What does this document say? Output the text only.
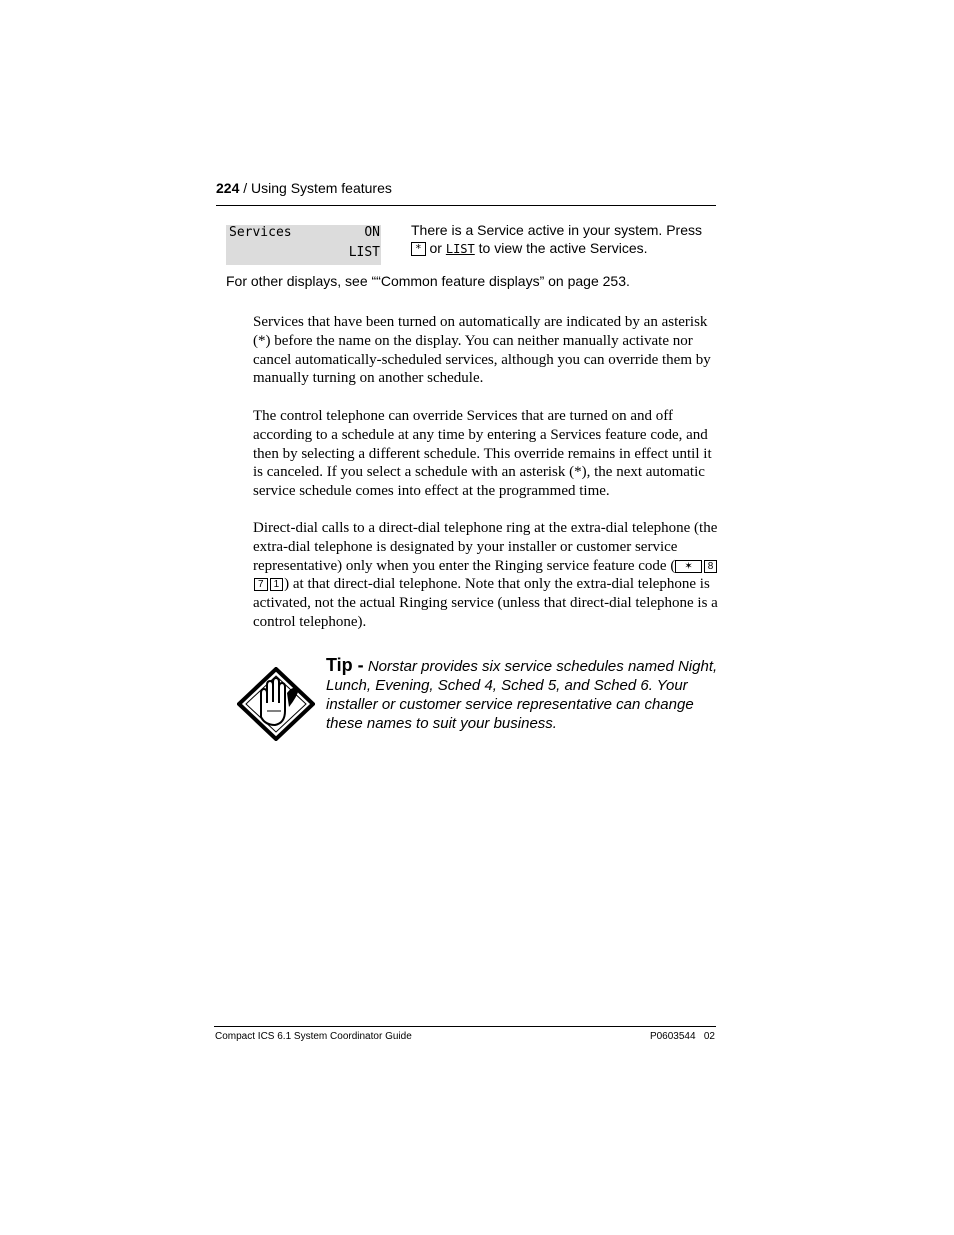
224 / Using System features
Services	ON
LIST
There is a Service active in your system. Press * or LIST to view the active Services.
For other displays, see ““Common feature displays” on page 253.
Services that have been turned on automatically are indicated by an asterisk (*) before the name on the display. You can neither manually activate nor cancel automatically-scheduled services, although you can override them by manually turning on another schedule.
The control telephone can override Services that are turned on and off according to a schedule at any time by entering a Services feature code, and then by selecting a different schedule. This override remains in effect until it is canceled. If you select a schedule with an asterisk (*), the next automatic service schedule comes into effect at the programmed time.
Direct-dial calls to a direct-dial telephone ring at the extra-dial telephone (the extra-dial telephone is designated by your installer or customer service representative) only when you enter the Ringing service feature code ( ✶ 87 1 ) at that direct-dial telephone. Note that only the extra-dial telephone is activated, not the actual Ringing service (unless that direct-dial telephone is a control telephone).
Tip - Norstar provides six service schedules named Night, Lunch, Evening, Sched 4, Sched 5, and Sched 6. Your installer or customer service representative can change these names to suit your business.
Compact ICS 6.1 System Coordinator Guide	P0603544   02
